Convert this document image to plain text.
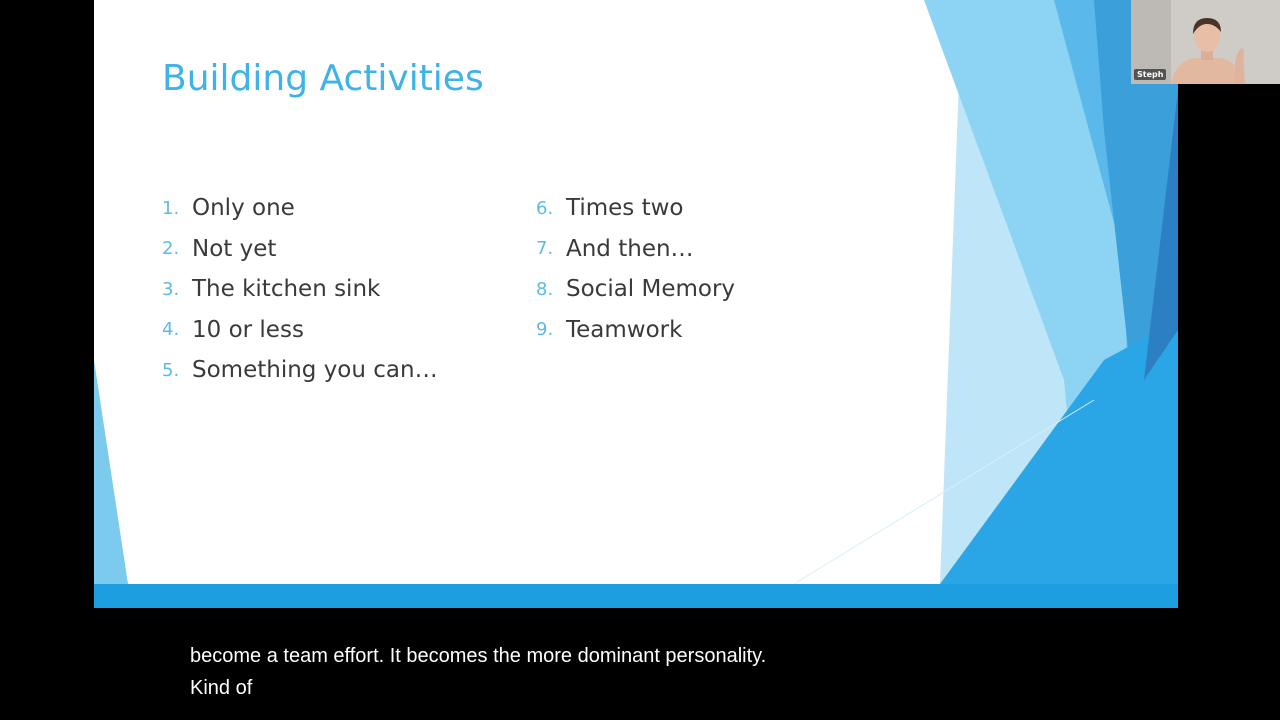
Building Activities
1. Only one
2. Not yet
3. The kitchen sink
4. 10 or less
5. Something you can…
6. Times two
7. And then…
8. Social Memory
9. Teamwork
Steph
become a team effort. It becomes the more dominant personality.
Kind of
